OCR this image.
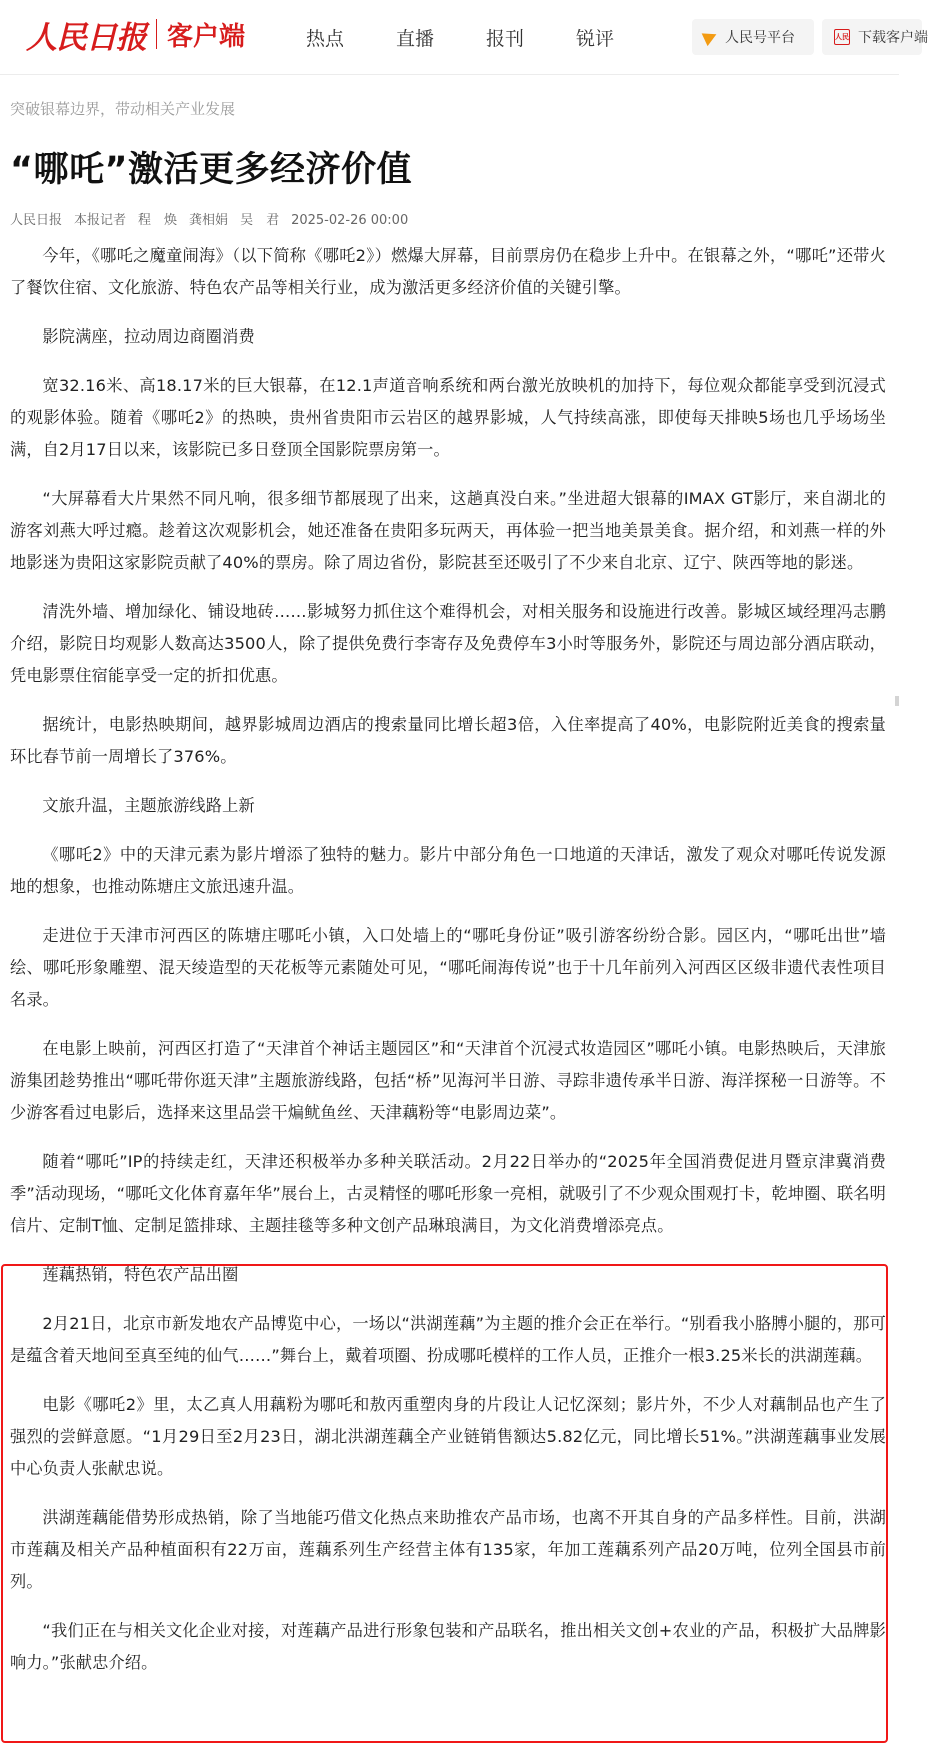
人民日报 客户端	热点	直播	报刊	锐评	人民号平台	人民 下载客户端

突破银幕边界，带动相关产业发展

“哪吒”激活更多经济价值
人民日报 本报记者 程　焕 龚相娟 吴　君 2025-02-26 00:00

今年，《哪吒之魔童闹海》（以下简称《哪吒2》）燃爆大屏幕，目前票房仍在稳步上升中。在银幕之外，“哪吒”还带火了餐饮住宿、文化旅游、特色农产品等相关行业，成为激活更多经济价值的关键引擎。

影院满座，拉动周边商圈消费

宽32.16米、高18.17米的巨大银幕，在12.1声道音响系统和两台激光放映机的加持下，每位观众都能享受到沉浸式的观影体验。随着《哪吒2》的热映，贵州省贵阳市云岩区的越界影城，人气持续高涨，即使每天排映5场也几乎场场坐满，自2月17日以来，该影院已多日登顶全国影院票房第一。

“大屏幕看大片果然不同凡响，很多细节都展现了出来，这趟真没白来。”坐进超大银幕的IMAX GT影厅，来自湖北的游客刘燕大呼过瘾。趁着这次观影机会，她还准备在贵阳多玩两天，再体验一把当地美景美食。据介绍，和刘燕一样的外地影迷为贵阳这家影院贡献了40%的票房。除了周边省份，影院甚至还吸引了不少来自北京、辽宁、陕西等地的影迷。

清洗外墙、增加绿化、铺设地砖……影城努力抓住这个难得机会，对相关服务和设施进行改善。影城区域经理冯志鹏介绍，影院日均观影人数高达3500人，除了提供免费行李寄存及免费停车3小时等服务外，影院还与周边部分酒店联动，凭电影票住宿能享受一定的折扣优惠。

据统计，电影热映期间，越界影城周边酒店的搜索量同比增长超3倍，入住率提高了40%，电影院附近美食的搜索量环比春节前一周增长了376%。

文旅升温，主题旅游线路上新

《哪吒2》中的天津元素为影片增添了独特的魅力。影片中部分角色一口地道的天津话，激发了观众对哪吒传说发源地的想象，也推动陈塘庄文旅迅速升温。

走进位于天津市河西区的陈塘庄哪吒小镇，入口处墙上的“哪吒身份证”吸引游客纷纷合影。园区内，“哪吒出世”墙绘、哪吒形象雕塑、混天绫造型的天花板等元素随处可见，“哪吒闹海传说”也于十几年前列入河西区区级非遗代表性项目名录。

在电影上映前，河西区打造了“天津首个神话主题园区”和“天津首个沉浸式妆造园区”哪吒小镇。电影热映后，天津旅游集团趁势推出“哪吒带你逛天津”主题旅游线路，包括“桥”见海河半日游、寻踪非遗传承半日游、海洋探秘一日游等。不少游客看过电影后，选择来这里品尝干煸鱿鱼丝、天津藕粉等“电影周边菜”。

随着“哪吒”IP的持续走红，天津还积极举办多种关联活动。2月22日举办的“2025年全国消费促进月暨京津冀消费季”活动现场，“哪吒文化体育嘉年华”展台上，古灵精怪的哪吒形象一亮相，就吸引了不少观众围观打卡，乾坤圈、联名明信片、定制T恤、定制足篮排球、主题挂毯等多种文创产品琳琅满目，为文化消费增添亮点。

莲藕热销，特色农产品出圈

2月21日，北京市新发地农产品博览中心，一场以“洪湖莲藕”为主题的推介会正在举行。“别看我小胳膊小腿的，那可是蕴含着天地间至真至纯的仙气……”舞台上，戴着项圈、扮成哪吒模样的工作人员，正推介一根3.25米长的洪湖莲藕。

电影《哪吒2》里，太乙真人用藕粉为哪吒和敖丙重塑肉身的片段让人记忆深刻；影片外，不少人对藕制品也产生了强烈的尝鲜意愿。“1月29日至2月23日，湖北洪湖莲藕全产业链销售额达5.82亿元，同比增长51%。”洪湖莲藕事业发展中心负责人张献忠说。

洪湖莲藕能借势形成热销，除了当地能巧借文化热点来助推农产品市场，也离不开其自身的产品多样性。目前，洪湖市莲藕及相关产品种植面积有22万亩，莲藕系列生产经营主体有135家，年加工莲藕系列产品20万吨，位列全国县市前列。

“我们正在与相关文化企业对接，对莲藕产品进行形象包装和产品联名，推出相关文创+农业的产品，积极扩大品牌影响力。”张献忠介绍。
